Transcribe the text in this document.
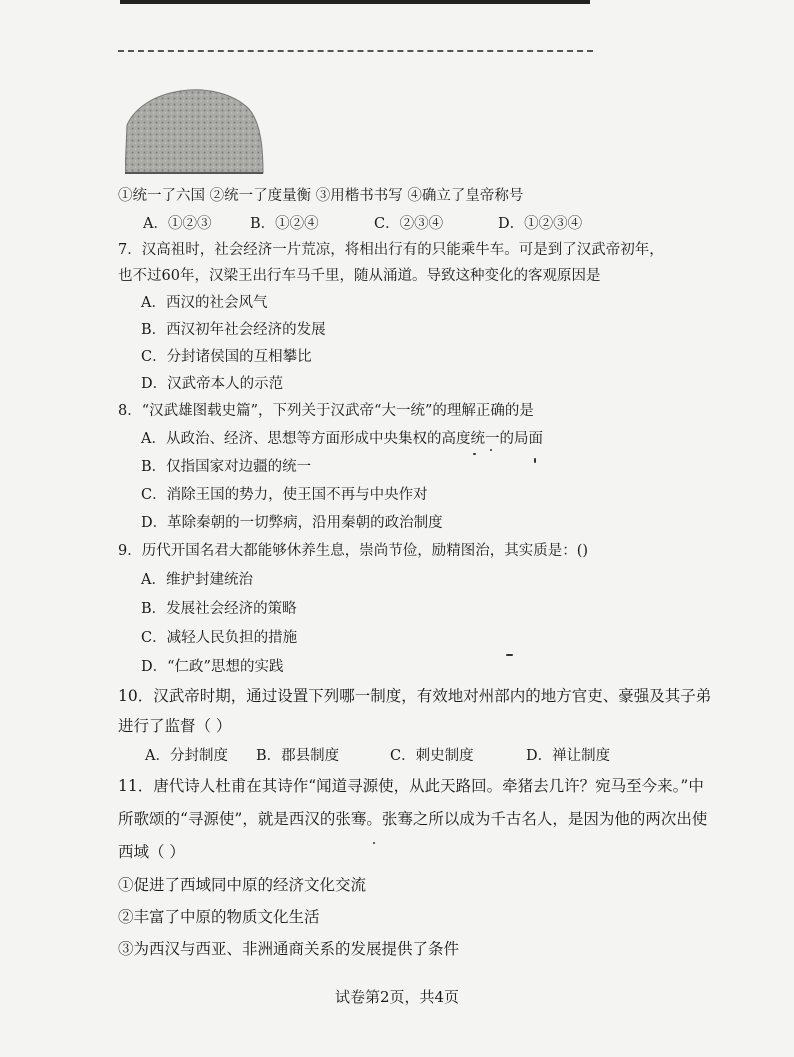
①统一了六国 ②统一了度量衡 ③用楷书书写 ④确立了皇帝称号
A．①②③	B．①②④	C．②③④	D．①②③④
7．汉高祖时，社会经济一片荒凉，将相出行有的只能乘牛车。可是到了汉武帝初年，
也不过60年，汉梁王出行车马千里，随从涌道。导致这种变化的客观原因是
A．西汉的社会风气
B．西汉初年社会经济的发展
C．分封诸侯国的互相攀比
D．汉武帝本人的示范
8．“汉武雄图载史篇”，下列关于汉武帝“大一统”的理解正确的是
A．从政治、经济、思想等方面形成中央集权的高度统一的局面
B．仅指国家对边疆的统一
C．消除王国的势力，使王国不再与中央作对
D．革除秦朝的一切弊病，沿用秦朝的政治制度
9．历代开国名君大都能够休养生息，崇尚节俭，励精图治，其实质是：()
A．维护封建统治
B．发展社会经济的策略
C．减轻人民负担的措施
D．“仁政”思想的实践
10．汉武帝时期，通过设置下列哪一制度，有效地对州部内的地方官吏、豪强及其子弟
进行了监督（ ）
A．分封制度 B．郡县制度	C．刺史制度	D．禅让制度
11．唐代诗人杜甫在其诗作“闻道寻源使，从此天路回。牵猪去几许？宛马至今来。”中
所歌颂的“寻源使”，就是西汉的张骞。张骞之所以成为千古名人，是因为他的两次出使
西域（ ）
①促进了西域同中原的经济文化交流
②丰富了中原的物质文化生活
③为西汉与西亚、非洲通商关系的发展提供了条件
试卷第2页，共4页
